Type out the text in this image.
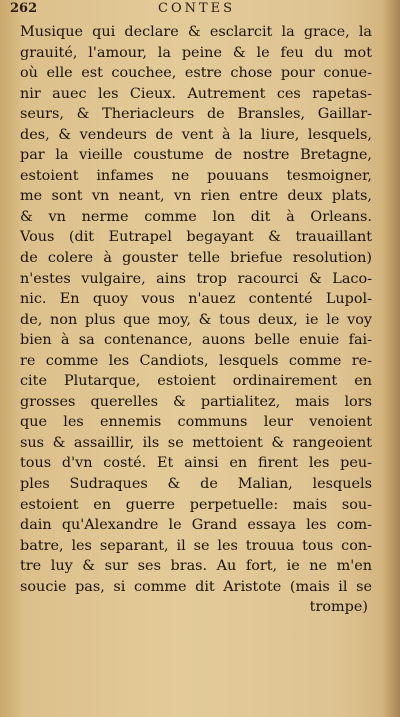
262	CONTES
Musique qui declare & esclarcit la grace, la
grauité, l'amour, la peine & le feu du mot
où elle est couchee, estre chose pour conue-
nir auec les Cieux. Autrement ces rapetas-
seurs, & Theriacleurs de Bransles, Gaillar-
des, & vendeurs de vent à la liure, lesquels,
par la vieille coustume de nostre Bretagne,
estoient infames ne pouuans tesmoigner,
me sont vn neant, vn rien entre deux plats,
& vn nerme comme lon dit à Orleans.
Vous (dit Eutrapel begayant & trauaillant
de colere à gouster telle briefue resolution)
n'estes vulgaire, ains trop racourci & Laco-
nic. En quoy vous n'auez contenté Lupol-
de, non plus que moy, & tous deux, ie le voy
bien à sa contenance, auons belle enuie fai-
re comme les Candiots, lesquels comme re-
cite Plutarque, estoient ordinairement en
grosses querelles & partialitez, mais lors
que les ennemis communs leur venoient
sus & assaillir, ils se mettoient & rangeoient
tous d'vn costé. Et ainsi en firent les peu-
ples Sudraques & de Malian, lesquels
estoient en guerre perpetuelle: mais sou-
dain qu'Alexandre le Grand essaya les com-
batre, les separant, il se les trouua tous con-
tre luy & sur ses bras. Au fort, ie ne m'en
soucie pas, si comme dit Aristote (mais il se
trompe)
